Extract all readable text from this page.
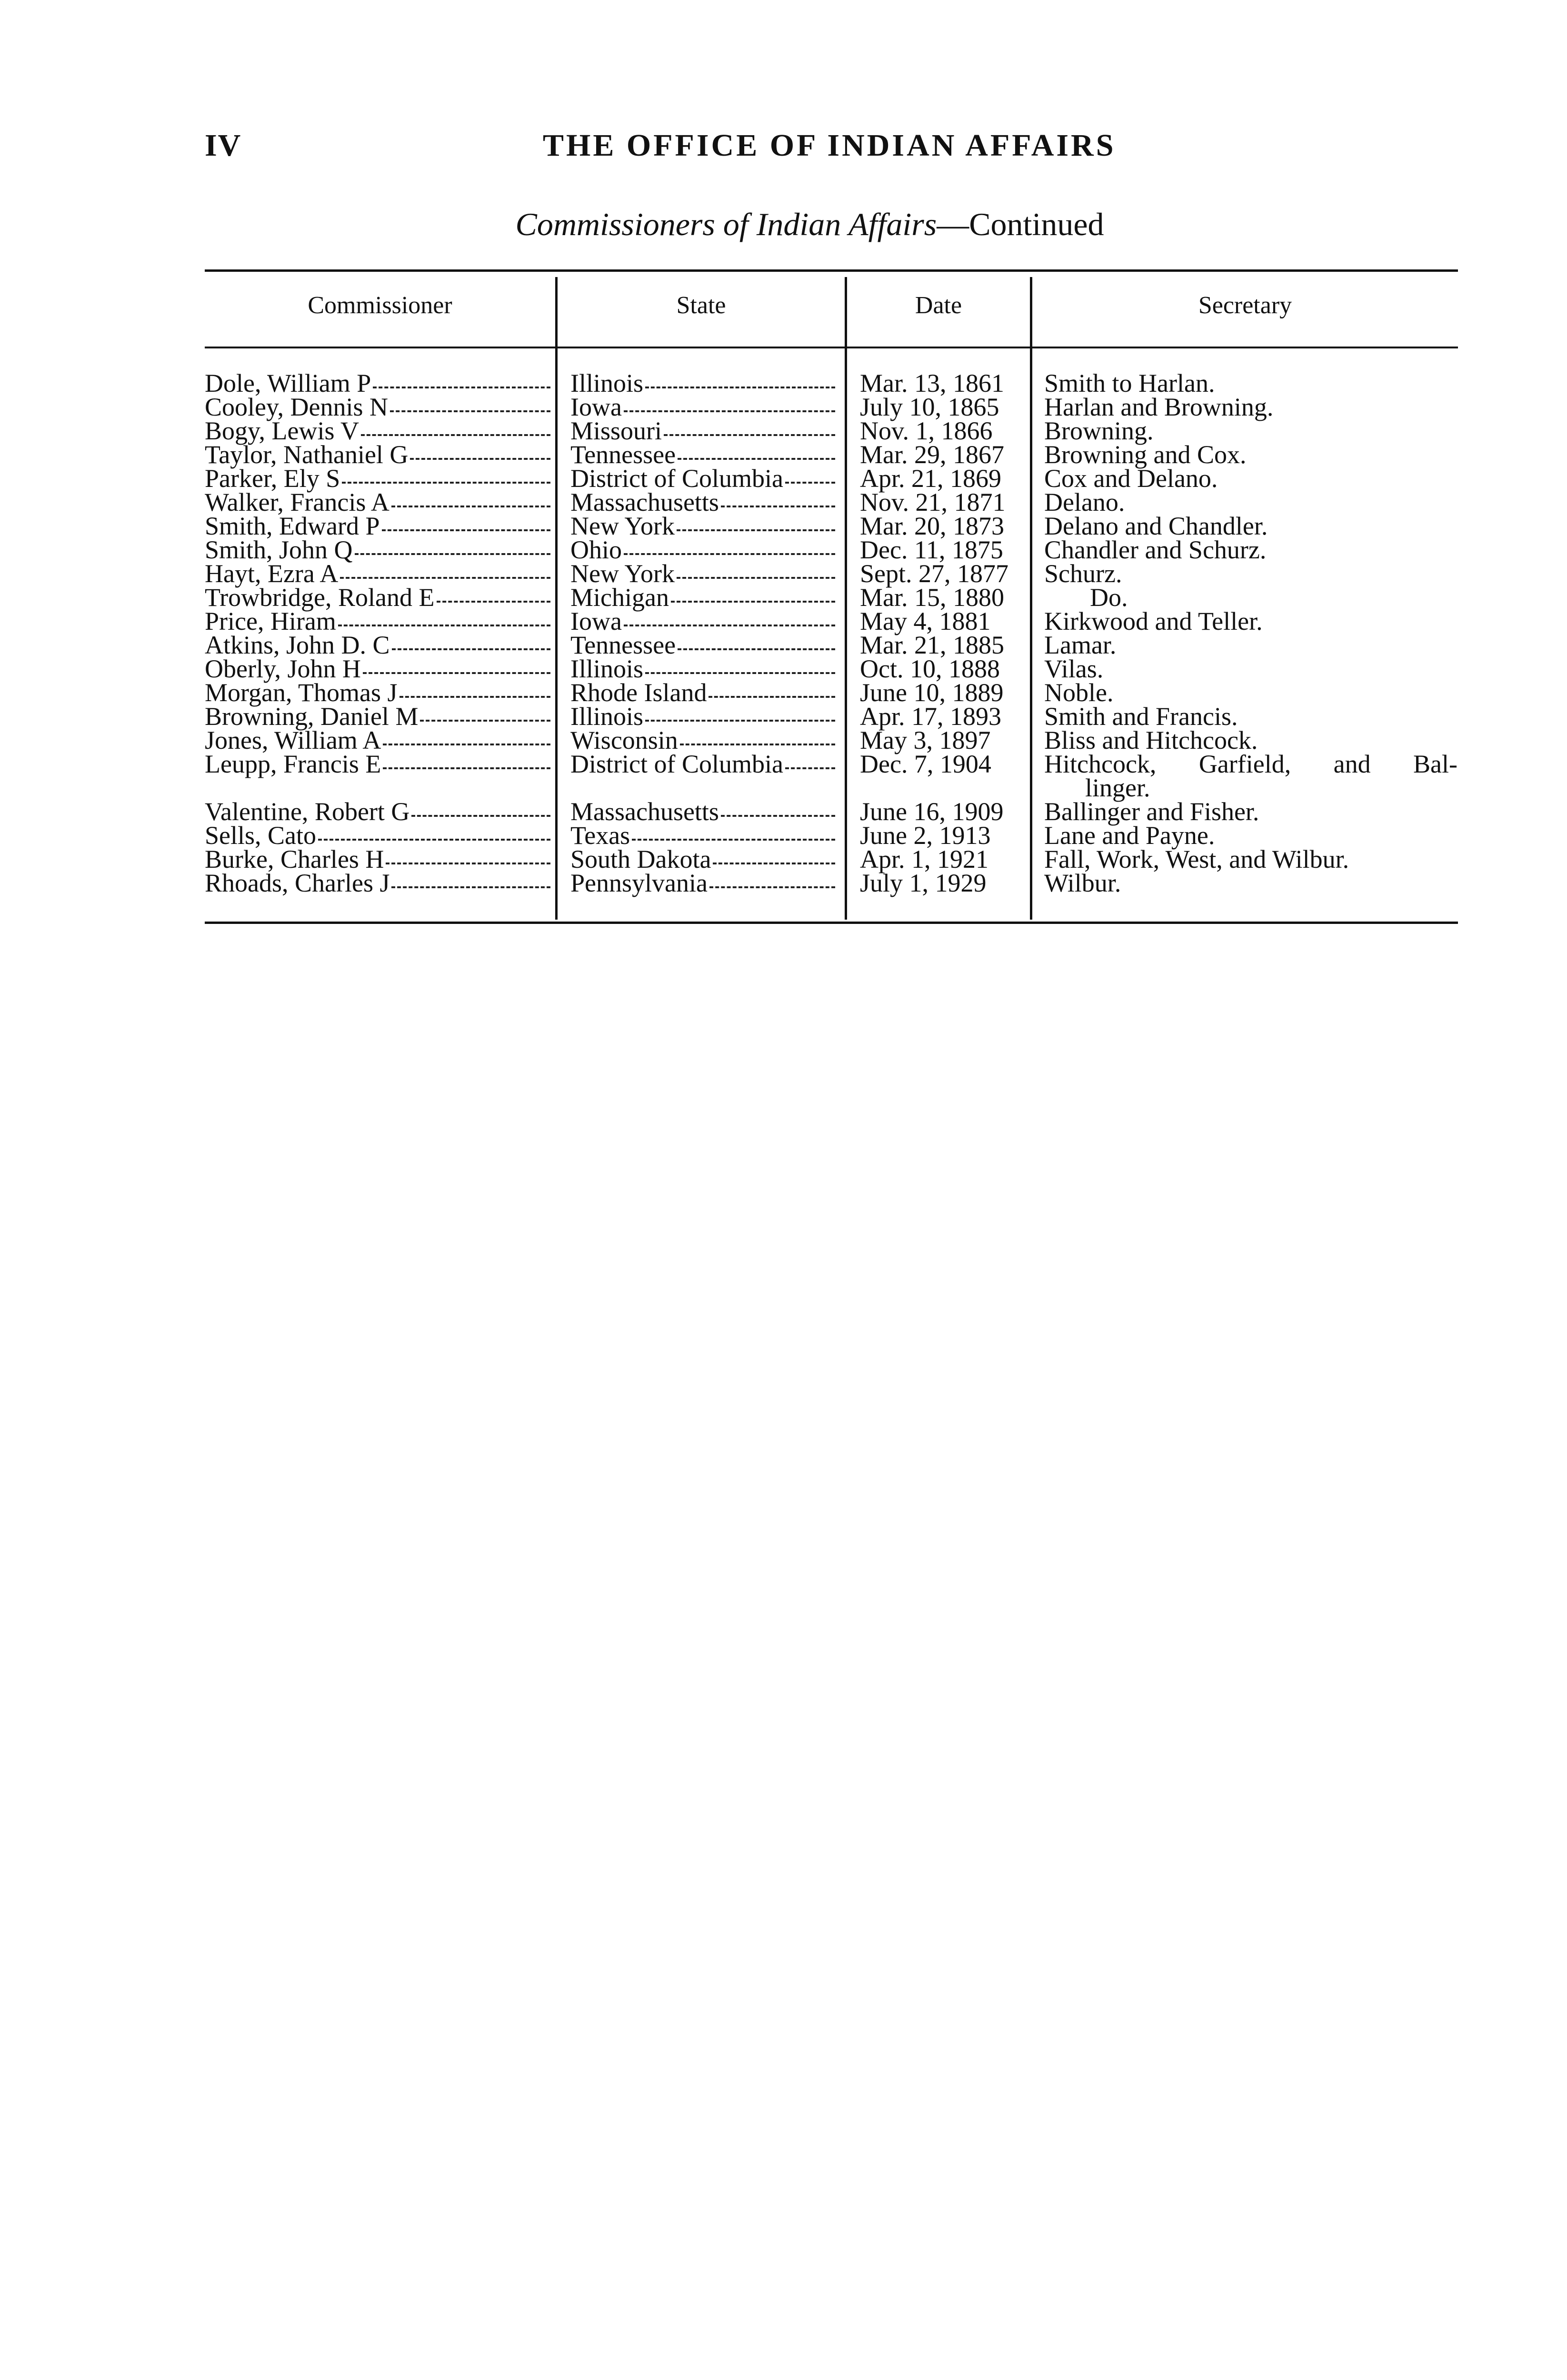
IV	THE OFFICE OF INDIAN AFFAIRS
Commissioners of Indian Affairs—Continued
Commissioner	State	Date	Secretary
Dole, William P	Illinois	Mar. 13, 1861	Smith to Harlan.
Cooley, Dennis N	Iowa	July 10, 1865	Harlan and Browning.
Bogy, Lewis V	Missouri	Nov. 1, 1866	Browning.
Taylor, Nathaniel G	Tennessee	Mar. 29, 1867	Browning and Cox.
Parker, Ely S	District of Columbia	Apr. 21, 1869	Cox and Delano.
Walker, Francis A	Massachusetts	Nov. 21, 1871	Delano.
Smith, Edward P	New York	Mar. 20, 1873	Delano and Chandler.
Smith, John Q	Ohio	Dec. 11, 1875	Chandler and Schurz.
Hayt, Ezra A	New York	Sept. 27, 1877	Schurz.
Trowbridge, Roland E	Michigan	Mar. 15, 1880	Do.
Price, Hiram	Iowa	May 4, 1881	Kirkwood and Teller.
Atkins, John D. C	Tennessee	Mar. 21, 1885	Lamar.
Oberly, John H	Illinois	Oct. 10, 1888	Vilas.
Morgan, Thomas J	Rhode Island	June 10, 1889	Noble.
Browning, Daniel M	Illinois	Apr. 17, 1893	Smith and Francis.
Jones, William A	Wisconsin	May 3, 1897	Bliss and Hitchcock.
Leupp, Francis E	District of Columbia	Dec. 7, 1904	Hitchcock, Garfield, and Bal-
linger.
Valentine, Robert G	Massachusetts	June 16, 1909	Ballinger and Fisher.
Sells, Cato	Texas	June 2, 1913	Lane and Payne.
Burke, Charles H	South Dakota	Apr. 1, 1921	Fall, Work, West, and Wilbur.
Rhoads, Charles J	Pennsylvania	July 1, 1929	Wilbur.
